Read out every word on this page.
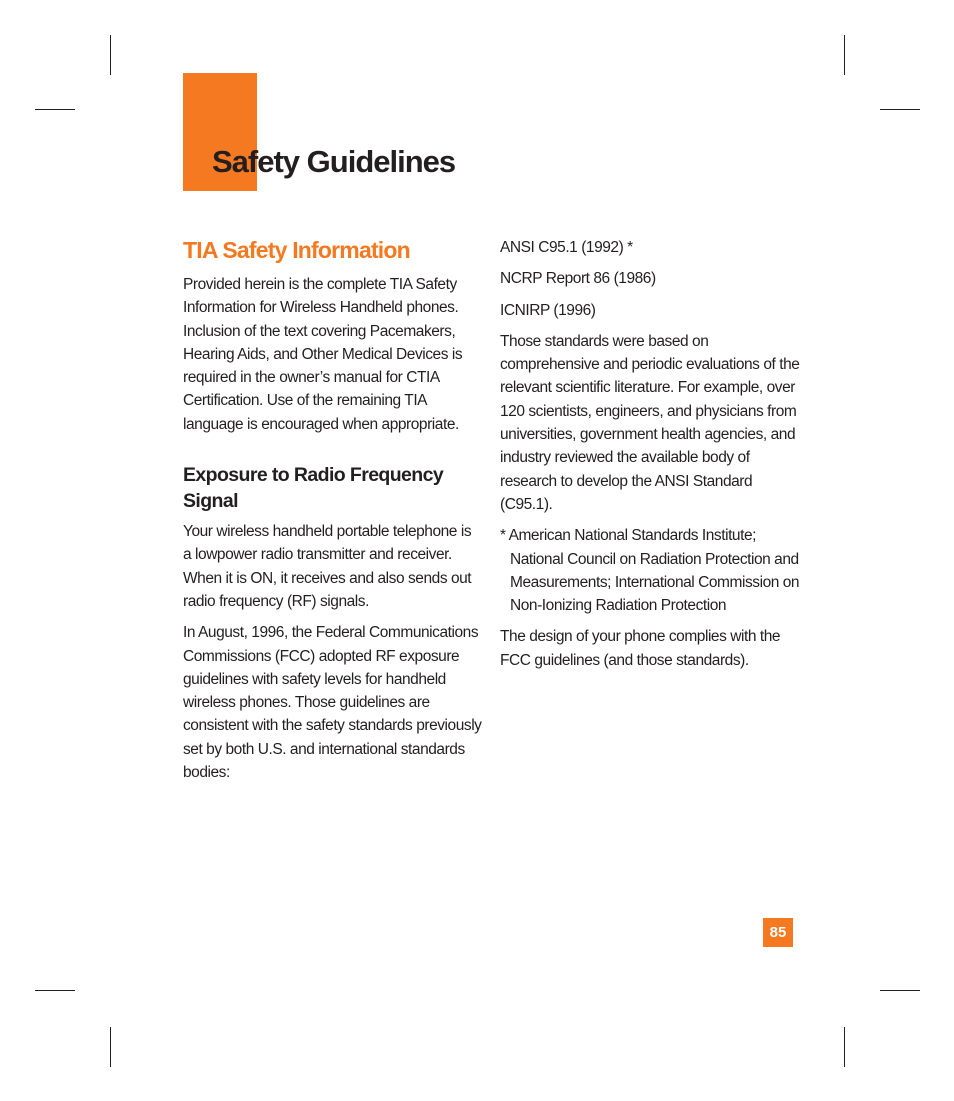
Safety Guidelines
TIA Safety Information

Provided herein is the complete TIA Safety Information for Wireless Handheld phones. Inclusion of the text covering Pacemakers, Hearing Aids, and Other Medical Devices is required in the owner’s manual for CTIA Certification. Use of the remaining TIA language is encouraged when appropriate.

Exposure to Radio Frequency Signal

Your wireless handheld portable telephone is a lowpower radio transmitter and receiver. When it is ON, it receives and also sends out radio frequency (RF) signals.

In August, 1996, the Federal Communications Commissions (FCC) adopted RF exposure guidelines with safety levels for handheld wireless phones. Those guidelines are consistent with the safety standards previously set by both U.S. and international standards bodies:

ANSI C95.1 (1992) *

NCRP Report 86 (1986)

ICNIRP (1996)

Those standards were based on comprehensive and periodic evaluations of the relevant scientific literature. For example, over 120 scientists, engineers, and physicians from universities, government health agencies, and industry reviewed the available body of research to develop the ANSI Standard (C95.1).

* American National Standards Institute; National Council on Radiation Protection and Measurements; International Commission on Non-Ionizing Radiation Protection

The design of your phone complies with the FCC guidelines (and those standards).

85
